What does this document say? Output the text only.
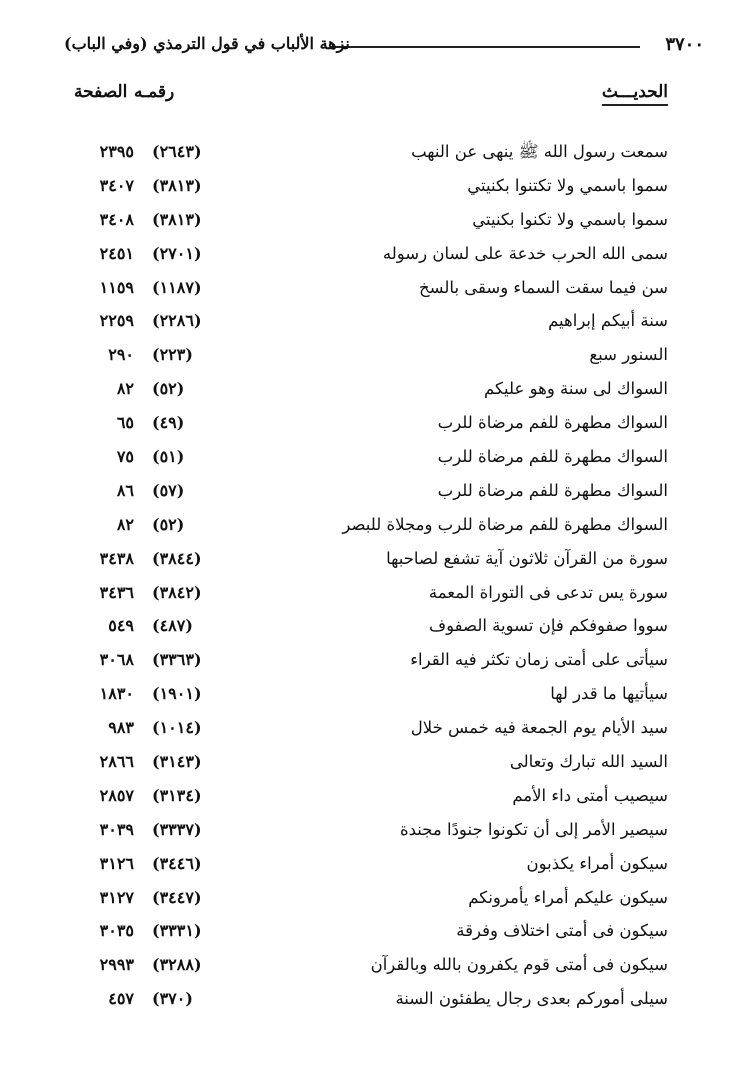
٣٧٠٠
نزهة الألباب في قول الترمذي (وفي الباب)
الحديـــث
رقمـه
الصفحة
سمعت رسول الله ﷺ ينهى عن النهب
(٢٦٤٣)
٢٣٩٥
سموا باسمي ولا تكتنوا بكنيتي
(٣٨١٣)
٣٤٠٧
سموا باسمي ولا تكنوا بكنيتي
(٣٨١٣)
٣٤٠٨
سمى الله الحرب خدعة على لسان رسوله
(٢٧٠١)
٢٤٥١
سن فيما سقت السماء وسقى بالسخ
(١١٨٧)
١١٥٩
سنة أبيكم إبراهيم
(٢٢٨٦)
٢٢٥٩
السنور سبع
(٢٢٣)
٢٩٠
السواك لى سنة وهو عليكم
(٥٢)
٨٢
السواك مطهرة للفم مرضاة للرب
(٤٩)
٦٥
السواك مطهرة للفم مرضاة للرب
(٥١)
٧٥
السواك مطهرة للفم مرضاة للرب
(٥٧)
٨٦
السواك مطهرة للفم مرضاة للرب ومجلاة للبصر
(٥٢)
٨٢
سورة من القرآن ثلاثون آية تشفع لصاحبها
(٣٨٤٤)
٣٤٣٨
سورة يس تدعى فى التوراة المعمة
(٣٨٤٢)
٣٤٣٦
سووا صفوفكم فإن تسوية الصفوف
(٤٨٧)
٥٤٩
سيأتى على أمتى زمان تكثر فيه القراء
(٣٣٦٣)
٣٠٦٨
سيأتيها ما قدر لها
(١٩٠١)
١٨٣٠
سيد الأيام يوم الجمعة فيه خمس خلال
(١٠١٤)
٩٨٣
السيد الله تبارك وتعالى
(٣١٤٣)
٢٨٦٦
سيصيب أمتى داء الأمم
(٣١٣٤)
٢٨٥٧
سيصير الأمر إلى أن تكونوا جنودًا مجندة
(٣٣٣٧)
٣٠٣٩
سيكون أمراء يكذبون
(٣٤٤٦)
٣١٢٦
سيكون عليكم أمراء يأمرونكم
(٣٤٤٧)
٣١٢٧
سيكون فى أمتى اختلاف وفرقة
(٣٣٣١)
٣٠٣٥
سيكون فى أمتى قوم يكفرون بالله وبالقرآن
(٣٢٨٨)
٢٩٩٣
سيلى أموركم بعدى رجال يطفئون السنة
(٣٧٠)
٤٥٧
